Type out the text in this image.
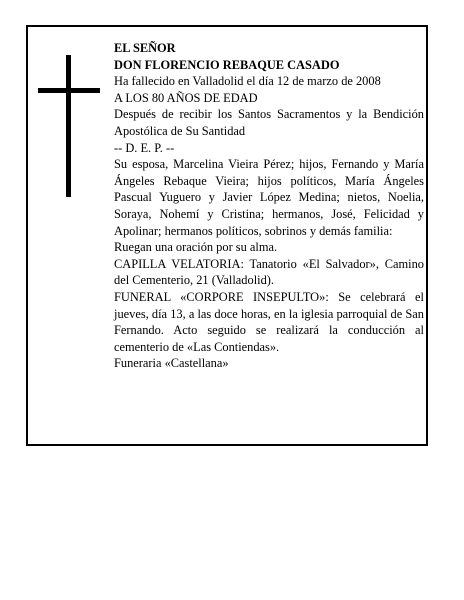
EL SEÑOR

DON FLORENCIO REBAQUE CASADO

Ha fallecido en Valladolid el día 12 de marzo de 2008

A LOS 80 AÑOS DE EDAD

Después de recibir los Santos Sacramentos y la Bendición Apostólica de Su Santidad

-- D. E. P. --

Su esposa, Marcelina Vieira Pérez; hijos, Fernando y María Ángeles Rebaque Vieira; hijos políticos, María Ángeles Pascual Yuguero y Javier López Medina; nietos, Noelia, Soraya, Nohemí y Cristina; hermanos, José, Felicidad y Apolinar; hermanos políticos, sobrinos y demás familia:

Ruegan una oración por su alma.

CAPILLA VELATORIA: Tanatorio «El Salvador», Camino del Cementerio, 21 (Valladolid).

FUNERAL «CORPORE INSEPULTO»: Se celebrará el jueves, día 13, a las doce horas, en la iglesia parroquial de San Fernando. Acto seguido se realizará la conducción al cementerio de «Las Contiendas».

Funeraria «Castellana»
